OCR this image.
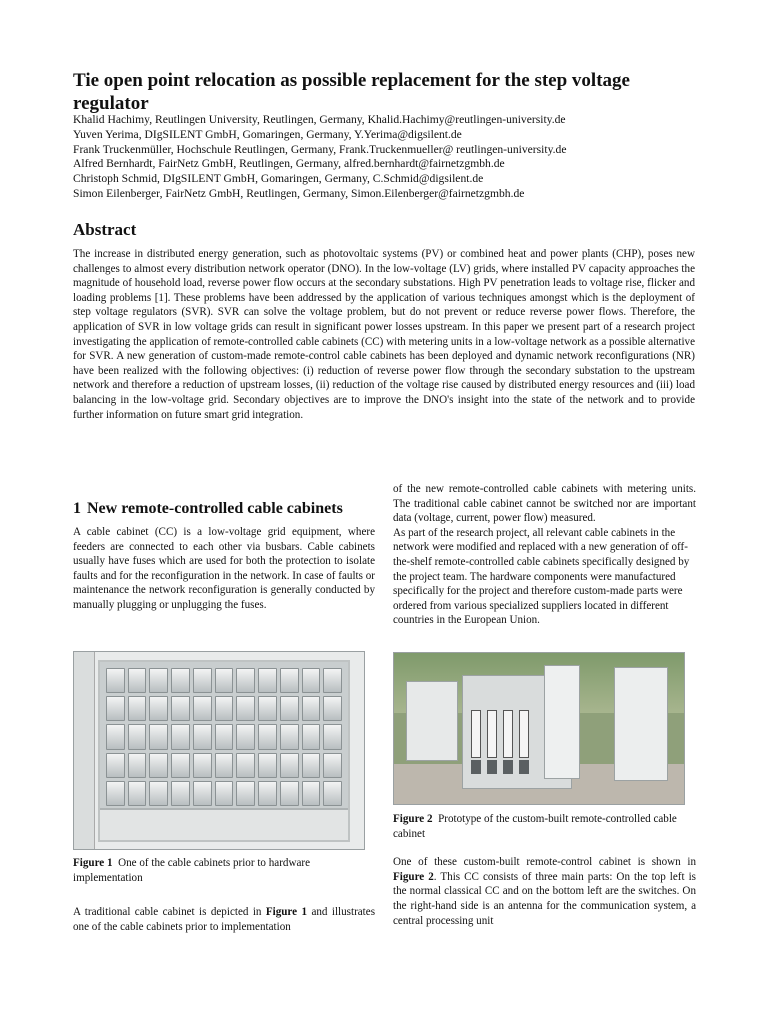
Tie open point relocation as possible replacement for the step voltage regulator
Khalid Hachimy, Reutlingen University, Reutlingen, Germany, Khalid.Hachimy@reutlingen-university.de
Yuven Yerima, DIgSILENT GmbH, Gomaringen, Germany, Y.Yerima@digsilent.de
Frank Truckenmüller, Hochschule Reutlingen, Germany, Frank.Truckenmueller@ reutlingen-university.de
Alfred Bernhardt, FairNetz GmbH, Reutlingen, Germany, alfred.bernhardt@fairnetzgmbh.de
Christoph Schmid, DIgSILENT GmbH, Gomaringen, Germany, C.Schmid@digsilent.de
Simon Eilenberger, FairNetz GmbH, Reutlingen, Germany, Simon.Eilenberger@fairnetzgmbh.de
Abstract

The increase in distributed energy generation, such as photovoltaic systems (PV) or combined heat and power plants (CHP), poses new challenges to almost every distribution network operator (DNO). In the low-voltage (LV) grids, where installed PV capacity approaches the magnitude of household load, reverse power flow occurs at the secondary substations. High PV penetration leads to voltage rise, flicker and loading problems [1]. These problems have been addressed by the application of various techniques amongst which is the deployment of step voltage regulators (SVR). SVR can solve the voltage problem, but do not prevent or reduce reverse power flows. Therefore, the application of SVR in low voltage grids can result in significant power losses upstream. In this paper we present part of a research project investigating the application of remote-controlled cable cabinets (CC) with metering units in a low-voltage network as a possible alternative for SVR. A new generation of custom-made remote-control cable cabinets has been deployed and dynamic network reconfigurations (NR) have been realized with the following objectives: (i) reduction of reverse power flow through the secondary substation to the upstream network and therefore a reduction of upstream losses, (ii) reduction of the voltage rise caused by distributed energy resources and (iii) load balancing in the low-voltage grid. Secondary objectives are to improve the DNO's insight into the state of the network and to provide further information on future smart grid integration.

1 New remote-controlled cable cabinets

A cable cabinet (CC) is a low-voltage grid equipment, where feeders are connected to each other via busbars. Cable cabinets usually have fuses which are used for both the protection to isolate faults and for the reconfiguration in the network. In case of faults or maintenance the network reconfiguration is generally conducted by manually plugging or unplugging the fuses.

Figure 1 One of the cable cabinets prior to hardware implementation

A traditional cable cabinet is depicted in Figure 1 and illustrates one of the cable cabinets prior to implementation

of the new remote-controlled cable cabinets with metering units. The traditional cable cabinet cannot be switched nor are important data (voltage, current, power flow) measured.

As part of the research project, all relevant cable cabinets in the network were modified and replaced with a new generation of off-the-shelf remote-controlled cable cabinets specifically designed by the project team. The hardware components were manufactured specifically for the project and therefore custom-made parts were ordered from various specialized suppliers located in different countries in the European Union.

Figure 2 Prototype of the custom-built remote-controlled cable cabinet

One of these custom-built remote-control cabinet is shown in Figure 2. This CC consists of three main parts: On the top left is the normal classical CC and on the bottom left are the switches. On the right-hand side is an antenna for the communication system, a central processing unit
